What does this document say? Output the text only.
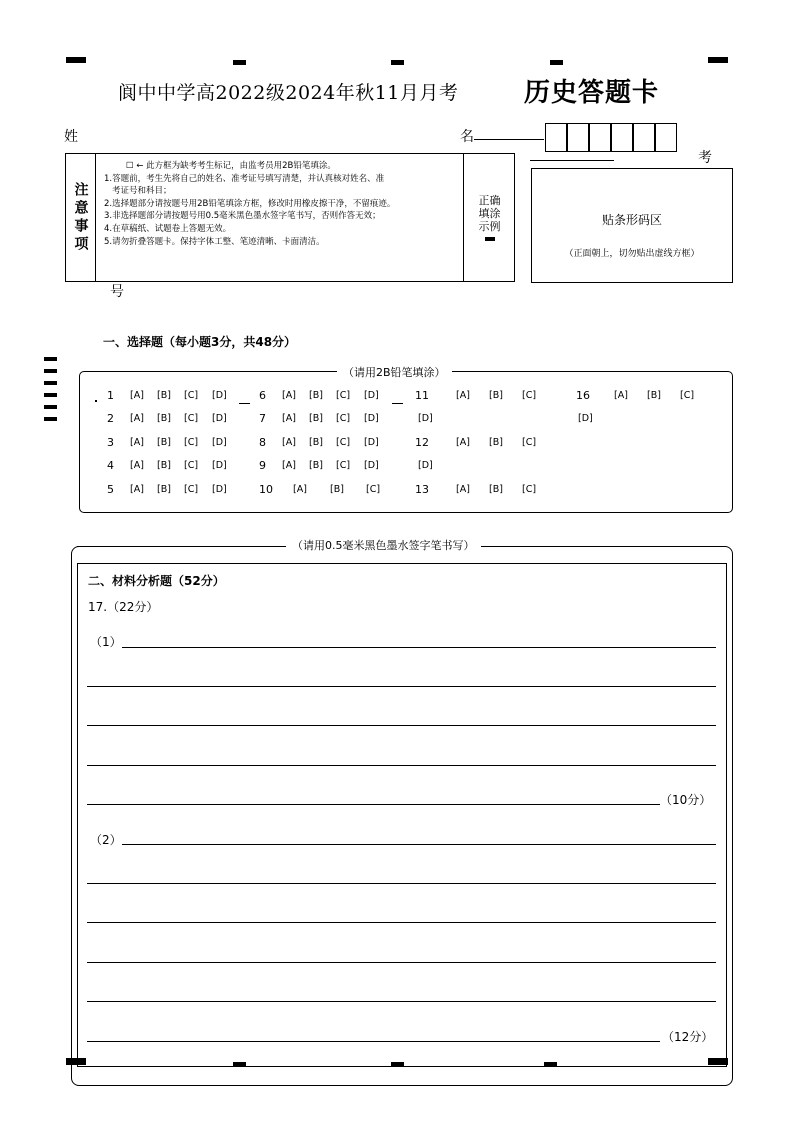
阆中中学高2022级2024年秋11月月考	历史答题卡
姓	名
考
号
注意事项
☐ ← 此方框为缺考考生标记，由监考员用2B铅笔填涂。
1.答题前，考生先将自己的姓名、准考证号填写清楚，并认真核对姓名、准
考证号和科目；
2.选择题部分请按题号用2B铅笔填涂方框，修改时用橡皮擦干净，不留痕迹。
3.非选择题部分请按题号用0.5毫米黑色墨水签字笔书写，否则作答无效；
4.在草稿纸、试题卷上答题无效。
5.请勿折叠答题卡。保持字体工整、笔迹清晰、卡面清洁。
正确
填涂
示例	贴条形码区
（正面朝上，切勿贴出虚线方框）
一、选择题（每小题3分，共48分）
（请用2B铅笔填涂）
1 [A] [B] [C] [D]
2 [A] [B] [C] [D]
3 [A] [B] [C] [D]
4 [A] [B] [C] [D]
5 [A] [B] [C] [D]
6 [A] [B] [C] [D]
7 [A] [B] [C] [D]
8 [A] [B] [C] [D]
9 [A] [B] [C] [D]
10 [A] [B] [C]
11	[A] [B] [C]
[D]
12	[A] [B] [C]
[D]
13	[A] [B] [C]
16	[A] [B] [C]
[D]
（请用0.5毫米黑色墨水签字笔书写）
二、材料分析题（52分）
17.（22分）
（1）
（10分）
（2）
（12分）
